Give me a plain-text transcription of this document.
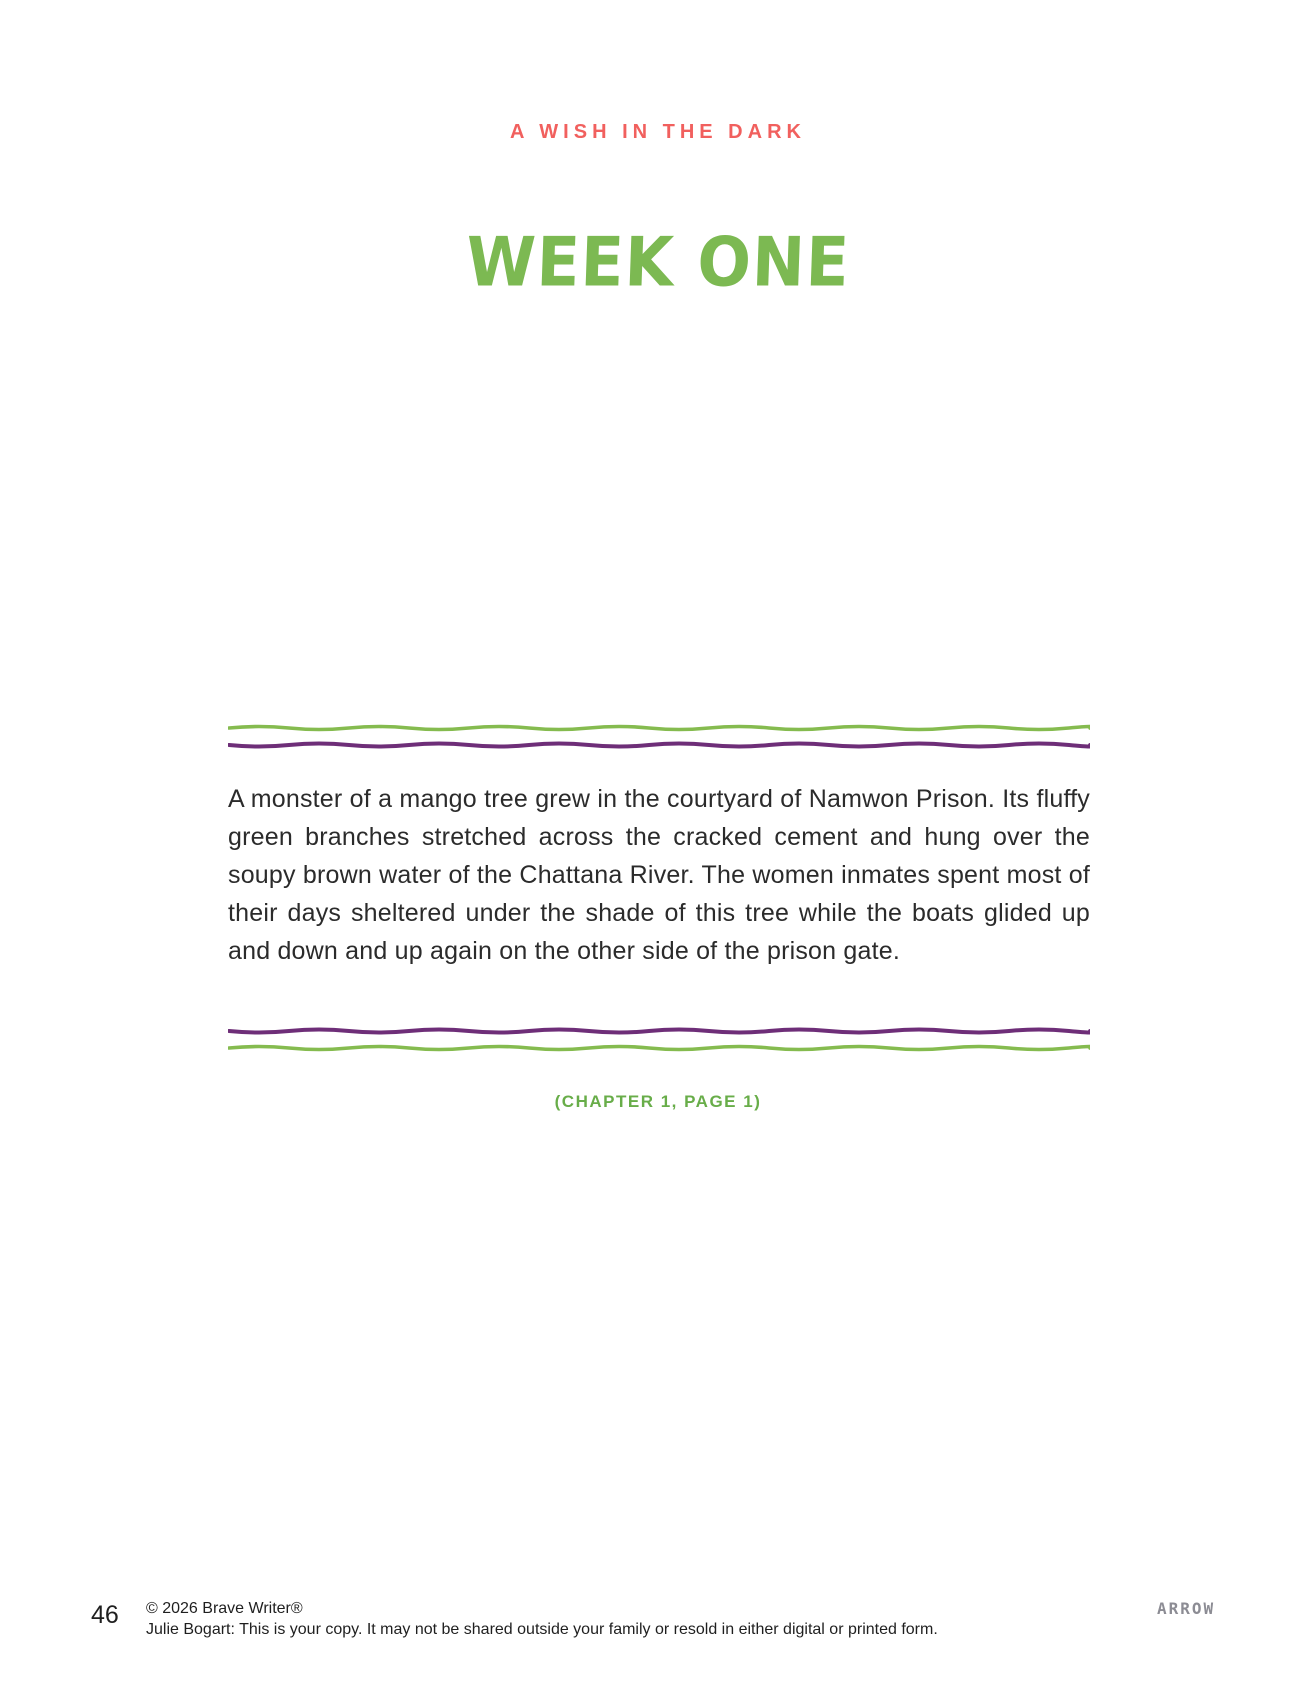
A WISH IN THE DARK
WEEK ONE
A monster of a mango tree grew in the courtyard of Namwon Prison. Its fluffy green branches stretched across the cracked cement and hung over the soupy brown water of the Chattana River. The women inmates spent most of their days sheltered under the shade of this tree while the boats glided up and down and up again on the other side of the prison gate.
(CHAPTER 1, PAGE 1)
46 © 2026 Brave Writer®
Julie Bogart: This is your copy. It may not be shared outside your family or resold in either digital or printed form.
ARROW
